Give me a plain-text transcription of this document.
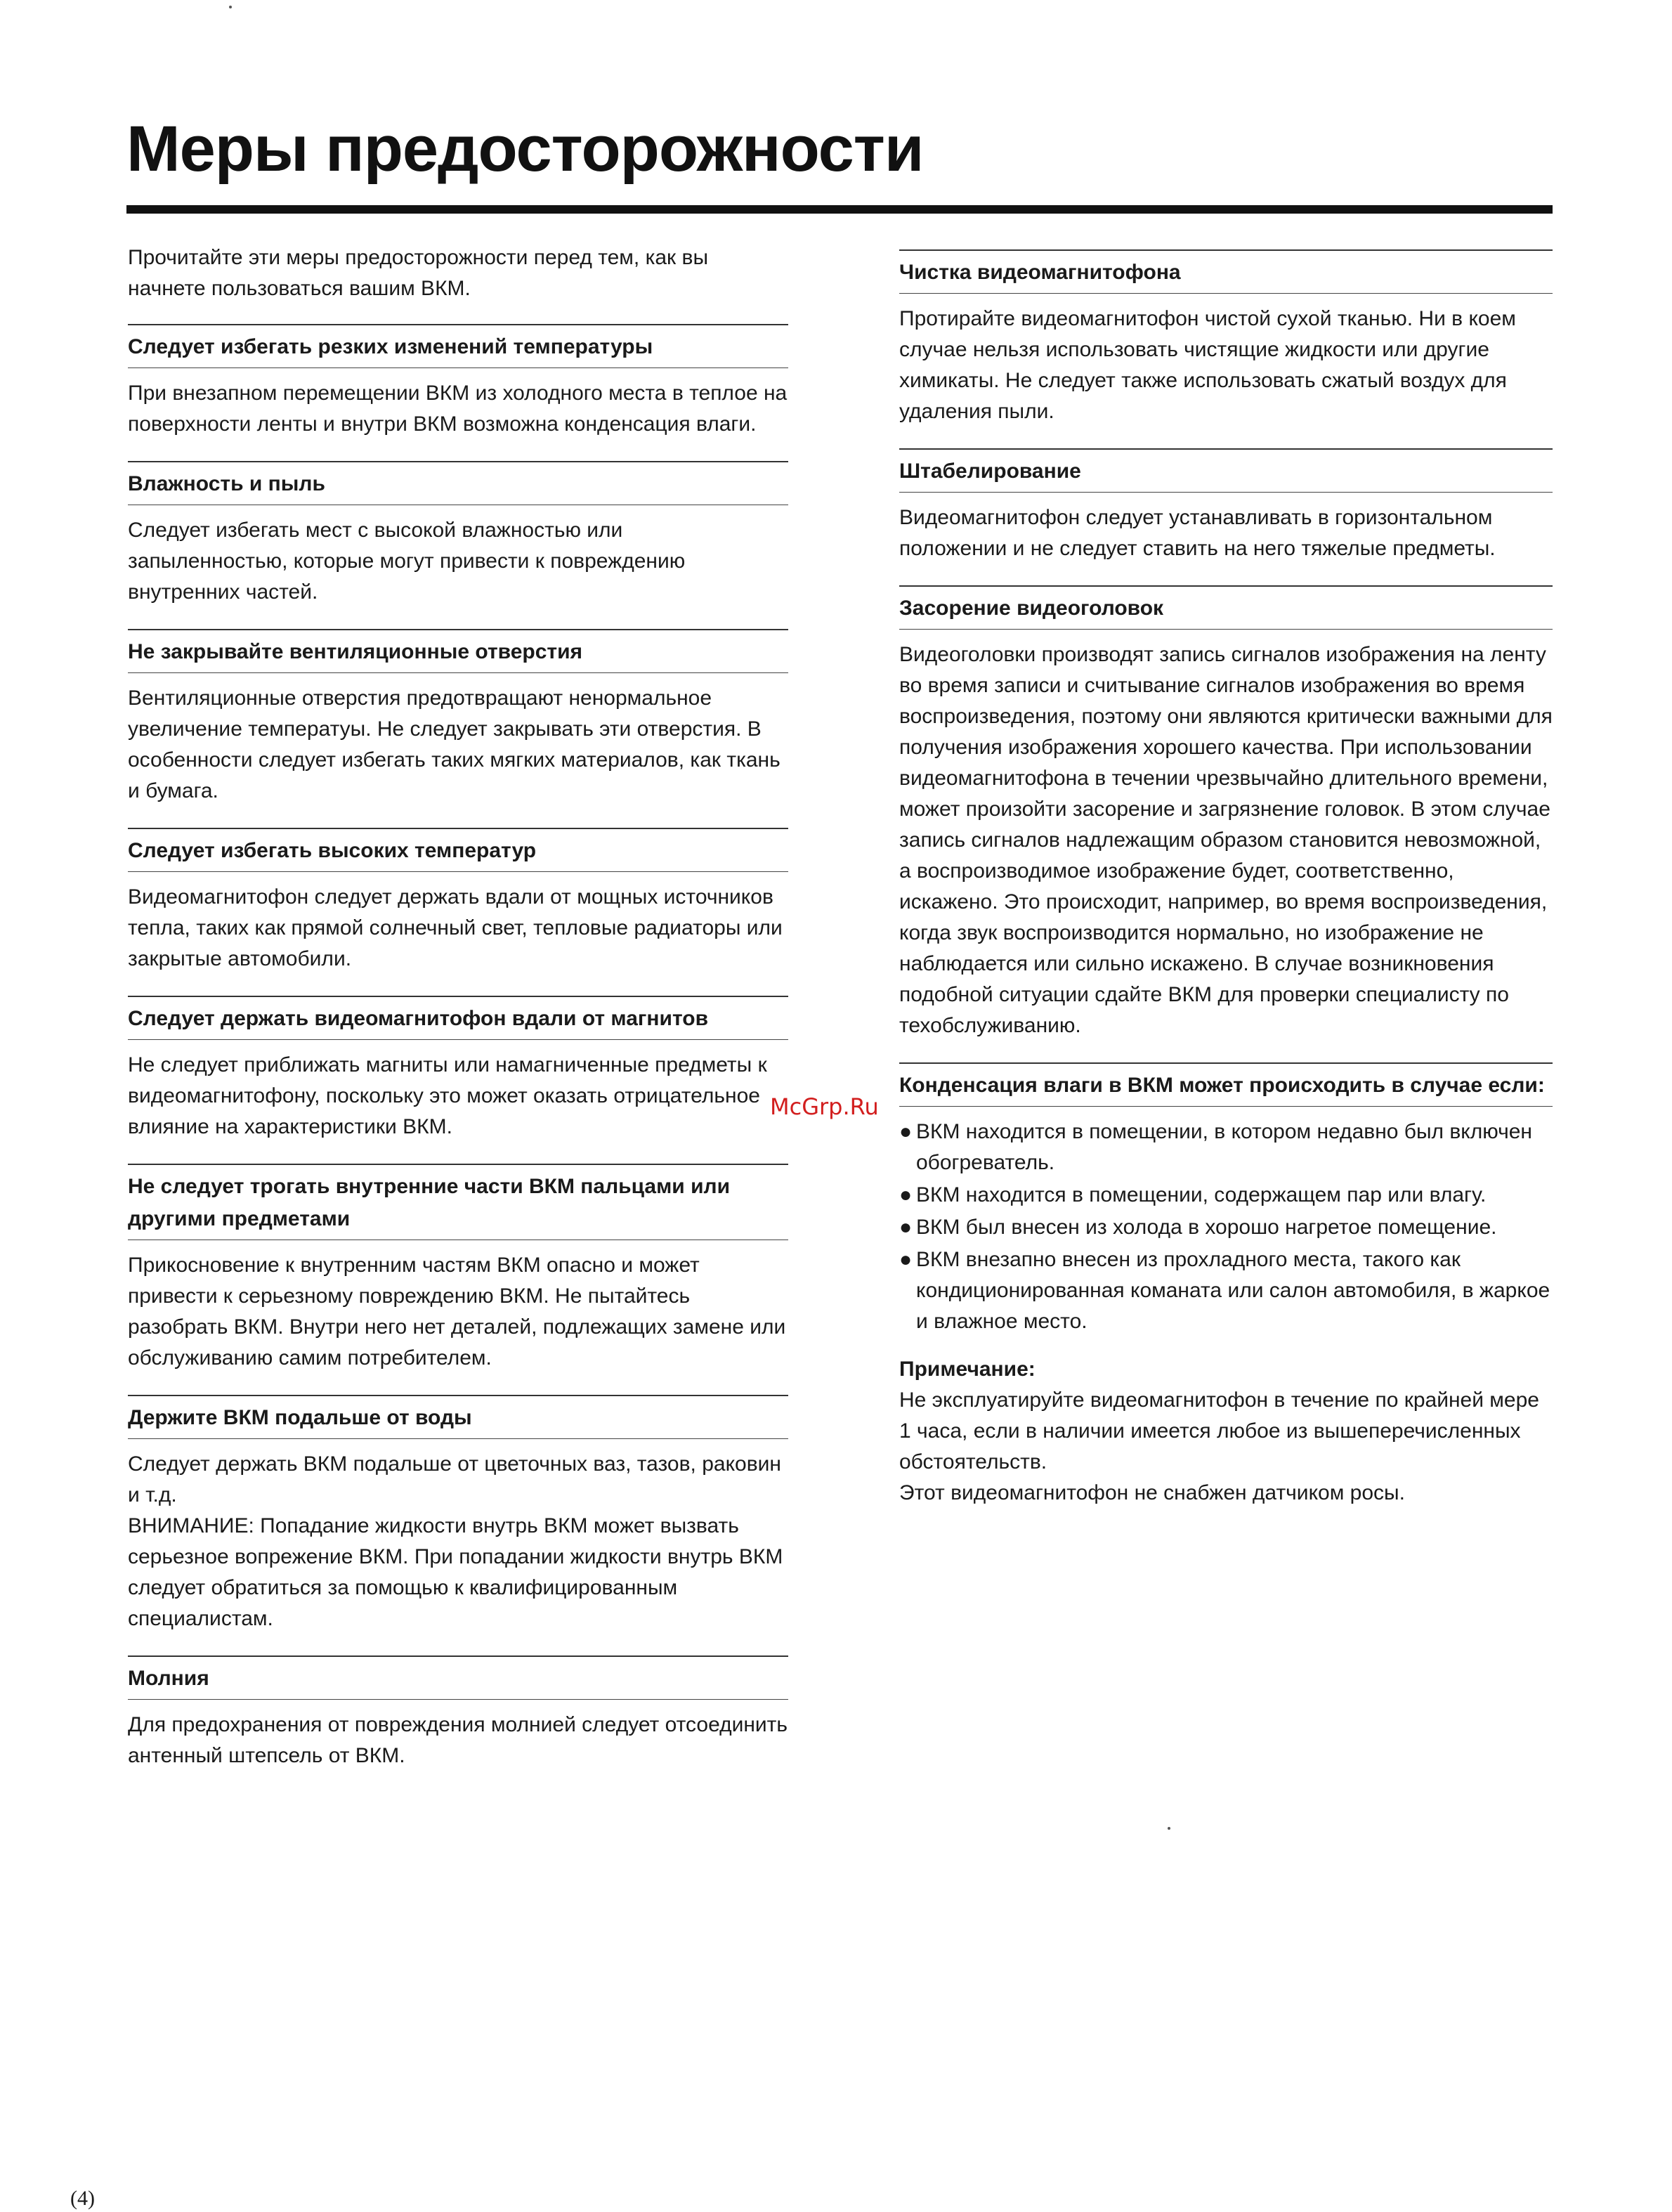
Меры предосторожности

Прочитайте эти меры предосторожности перед тем, как вы начнете пользоваться вашим ВКМ.

Следует избегать резких изменений температуры
При внезапном перемещении ВКМ из холодного места в теплое на поверхности ленты и внутри ВКМ возможна конденсация влаги.
Влажность и пыль
Следует избегать мест с высокой влажностью или запыленностью, которые могут привести к повреждению внутренних частей.
Не закрывайте вентиляционные отверстия
Вентиляционные отверстия предотвращают ненормальное увеличение температуы. Не следует закрывать эти отверстия. В особенности следует избегать таких мягких материалов, как ткань и бумага.
Следует избегать высоких температур
Видеомагнитофон следует держать вдали от мощных источников тепла, таких как прямой солнечный свет, тепловые радиаторы или закрытые автомобили.
Следует держать видеомагнитофон вдали от магнитов
Не следует приближать магниты или намагниченные предметы к видеомагнитофону, поскольку это может оказать отрицательное влияние на характеристики ВКМ.
Не следует трогать внутренние части ВКМ пальцами или другими предметами
Прикосновение к внутренним частям ВКМ опасно и может привести к серьезному повреждению ВКМ. Не пытайтесь разобрать ВКМ. Внутри него нет деталей, подлежащих замене или обслуживанию самим потребителем.
Держите ВКМ подальше от воды

Следует держать ВКМ подальше от цветочных ваз, тазов, раковин и т.д.

ВНИМАНИЕ: Попадание жидкости внутрь ВКМ может вызвать серьезное вопрежение ВКМ. При попадании жидкости внутрь ВКМ следует обратиться за помощью к квалифицированным специалистам.

Молния
Для предохранения от повреждения молнией следует отсоединить антенный штепсель от ВКМ.
Чистка видеомагнитофона
Протирайте видеомагнитофон чистой сухой тканью. Ни в коем случае нельзя использовать чистящие жидкости или другие химикаты. Не следует также использовать сжатый воздух для удаления пыли.
Штабелирование
Видеомагнитофон следует устанавливать в горизонтальном положении и не следует ставить на него тяжелые предметы.
Засорение видеоголовок
Видеоголовки производят запись сигналов изображения на ленту во время записи и считывание сигналов изображения во время воспроизведения, поэтому они являются критически важными для получения изображения хорошего качества. При использовании видеомагнитофона в течении чрезвычайно длительного времени, может произойти засорение и загрязнение головок. В этом случае запись сигналов надлежащим образом становится невозможной, а воспроизводимое изображение будет, соответственно, искажено. Это происходит, например, во время воспроизведения, когда звук воспроизводится нормально, но изображение не наблюдается или сильно искажено. В случае возникновения подобной ситуации сдайте ВКМ для проверки специалисту по техобслуживанию.
Конденсация влаги в ВКМ может происходить в случае если:
● ВКМ находится в помещении, в котором недавно был включен обогреватель.
● ВКМ находится в помещении, содержащем пар или влагу.
● ВКМ был внесен из холода в хорошо нагретое помещение.
● ВКМ внезапно внесен из прохладного места, такого как кондиционированная команата или салон автомобиля, в жаркое и влажное место.
Примечание:

Не эксплуатируйте видеомагнитофон в течение по крайней мере 1 часа, если в наличии имеется любое из вышеперечисленных обстоятельств.

Этот видеомагнитофон не снабжен датчиком росы.

McGrp.Ru
(4)
